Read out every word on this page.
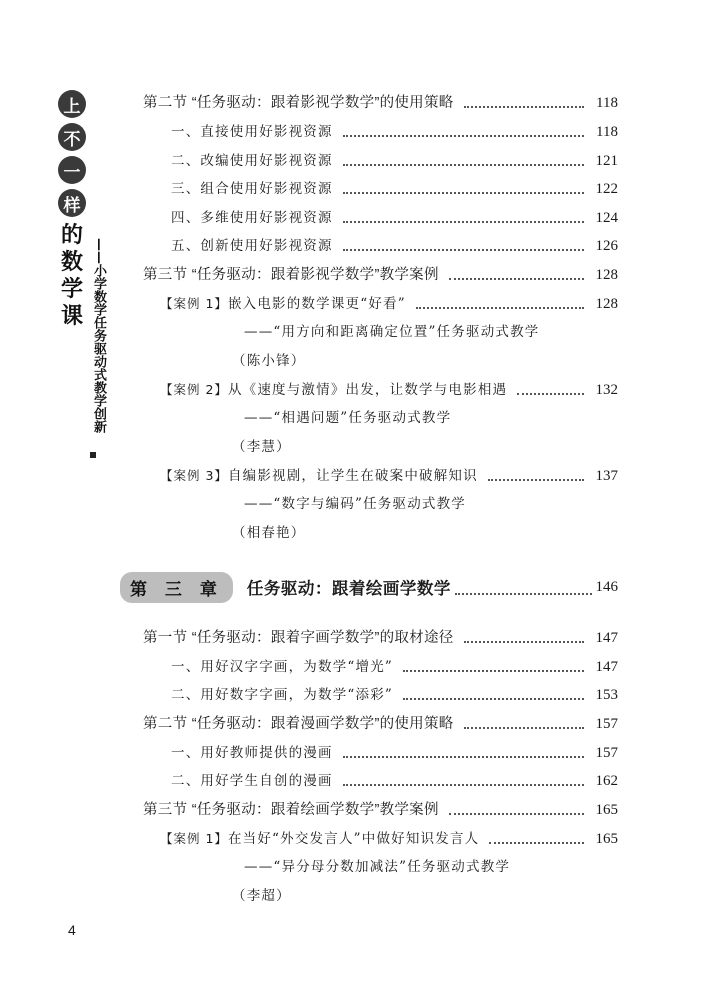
上
不
一
样
的
数
学
课 ——小学数学任务驱动式教学创新
第二节 “任务驱动：跟着影视学数学”的使用策略	118
一、直接使用好影视资源	118
二、改编使用好影视资源	121
三、组合使用好影视资源	122
四、多维使用好影视资源	124
五、创新使用好影视资源	126
第三节 “任务驱动：跟着影视学数学”教学案例	128
【案例 1】 嵌入电影的数学课更“好看”	128
——“用方向和距离确定位置”任务驱动式教学
（陈小锋）
【案例 2】 从《速度与激情》出发，让数学与电影相遇	132
——“相遇问题”任务驱动式教学
（李慧）
【案例 3】 自编影视剧，让学生在破案中破解知识	137
——“数字与编码”任务驱动式教学
（相春艳）
第 三 章	任务驱动：跟着绘画学数学	146
第一节 “任务驱动：跟着字画学数学”的取材途径	147
一、用好汉字字画，为数学“增光”	147
二、用好数字字画，为数学“添彩”	153
第二节 “任务驱动：跟着漫画学数学”的使用策略	157
一、用好教师提供的漫画	157
二、用好学生自创的漫画	162
第三节 “任务驱动：跟着绘画学数学”教学案例	165
【案例 1】 在当好“外交发言人”中做好知识发言人	165
——“异分母分数加减法”任务驱动式教学
（李超）
4
